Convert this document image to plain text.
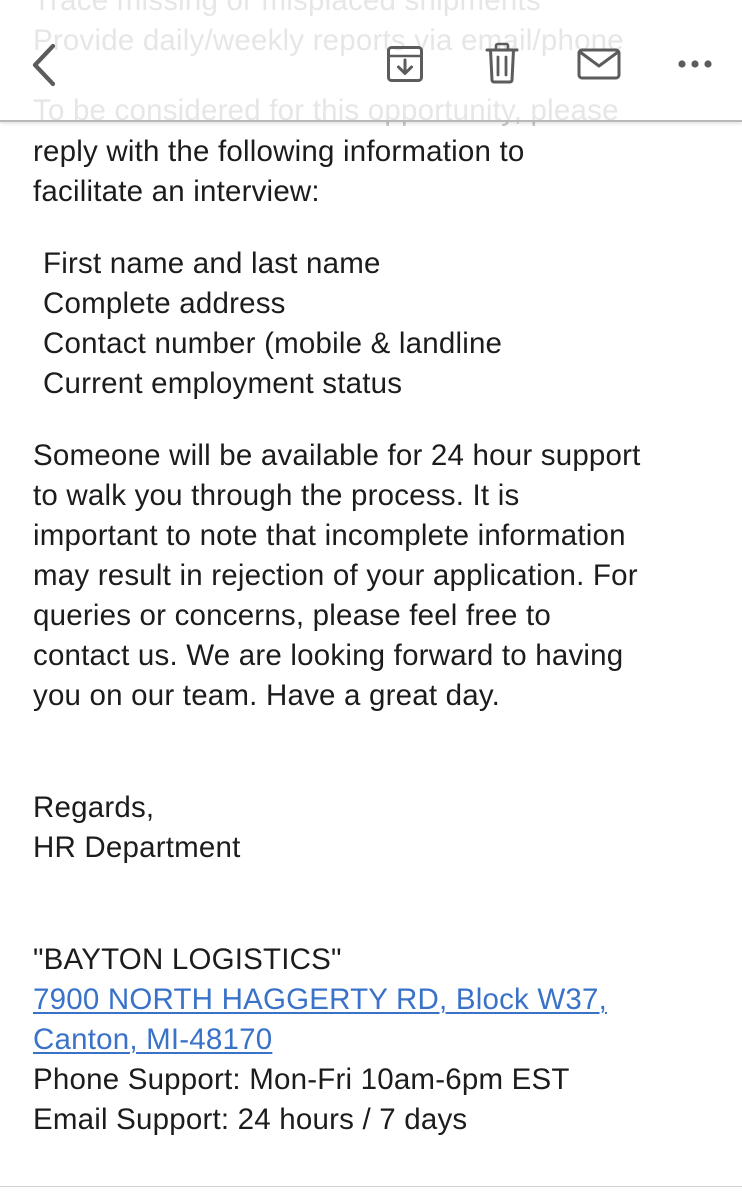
reply with the following information to
facilitate an interview:
First name and last name
Complete address
Contact number (mobile & landline
Current employment status
Someone will be available for 24 hour support
to walk you through the process. It is
important to note that incomplete information
may result in rejection of your application. For
queries or concerns, please feel free to
contact us. We are looking forward to having
you on our team. Have a great day.
Regards,
HR Department
"BAYTON LOGISTICS"
7900 NORTH HAGGERTY RD, Block W37,
Canton, MI-48170
Phone Support: Mon-Fri 10am-6pm EST
Email Support: 24 hours / 7 days
